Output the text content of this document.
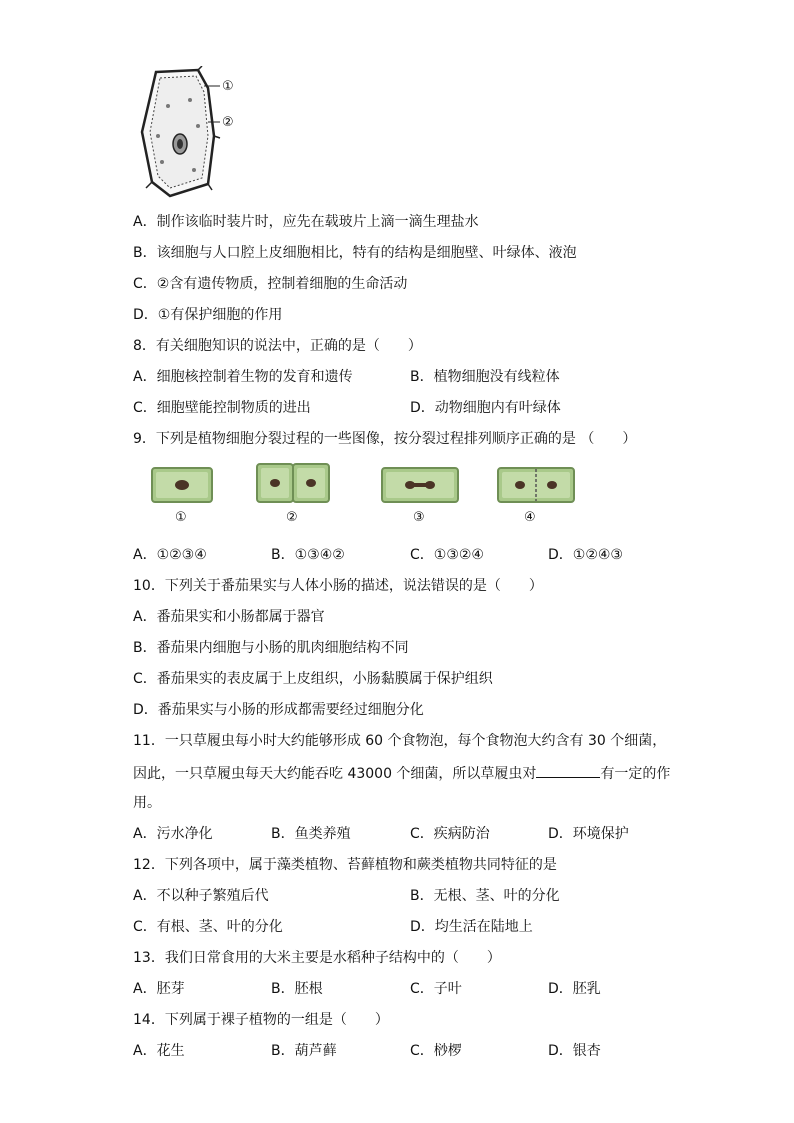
①
②
A．制作该临时装片时，应先在载玻片上滴一滴生理盐水
B．该细胞与人口腔上皮细胞相比，特有的结构是细胞壁、叶绿体、液泡
C．②含有遗传物质，控制着细胞的生命活动
D．①有保护细胞的作用
8．有关细胞知识的说法中，正确的是（　　）
A．细胞核控制着生物的发育和遗传	B．植物细胞没有线粒体
C．细胞壁能控制物质的进出	D．动物细胞内有叶绿体
9．下列是植物细胞分裂过程的一些图像，按分裂过程排列顺序正确的是 （　　）
①	②	③	④
A．①②③④	B．①③④②	C．①③②④	D．①②④③
10．下列关于番茄果实与人体小肠的描述，说法错误的是（　　）
A．番茄果实和小肠都属于器官
B．番茄果内细胞与小肠的肌肉细胞结构不同
C．番茄果实的表皮属于上皮组织，小肠黏膜属于保护组织
D．番茄果实与小肠的形成都需要经过细胞分化
11．一只草履虫每小时大约能够形成 60 个食物泡，每个食物泡大约含有 30 个细菌，
因此，一只草履虫每天大约能吞吃 43000 个细菌，所以草履虫对	有一定的作
用。
A．污水净化	B．鱼类养殖	C．疾病防治	D．环境保护
12．下列各项中，属于藻类植物、苔藓植物和蕨类植物共同特征的是
A．不以种子繁殖后代	B．无根、茎、叶的分化
C．有根、茎、叶的分化	D．均生活在陆地上
13．我们日常食用的大米主要是水稻种子结构中的（　　）
A．胚芽	B．胚根	C．子叶	D．胚乳
14．下列属于裸子植物的一组是（　　）
A．花生	B．葫芦藓	C．桫椤	D．银杏
